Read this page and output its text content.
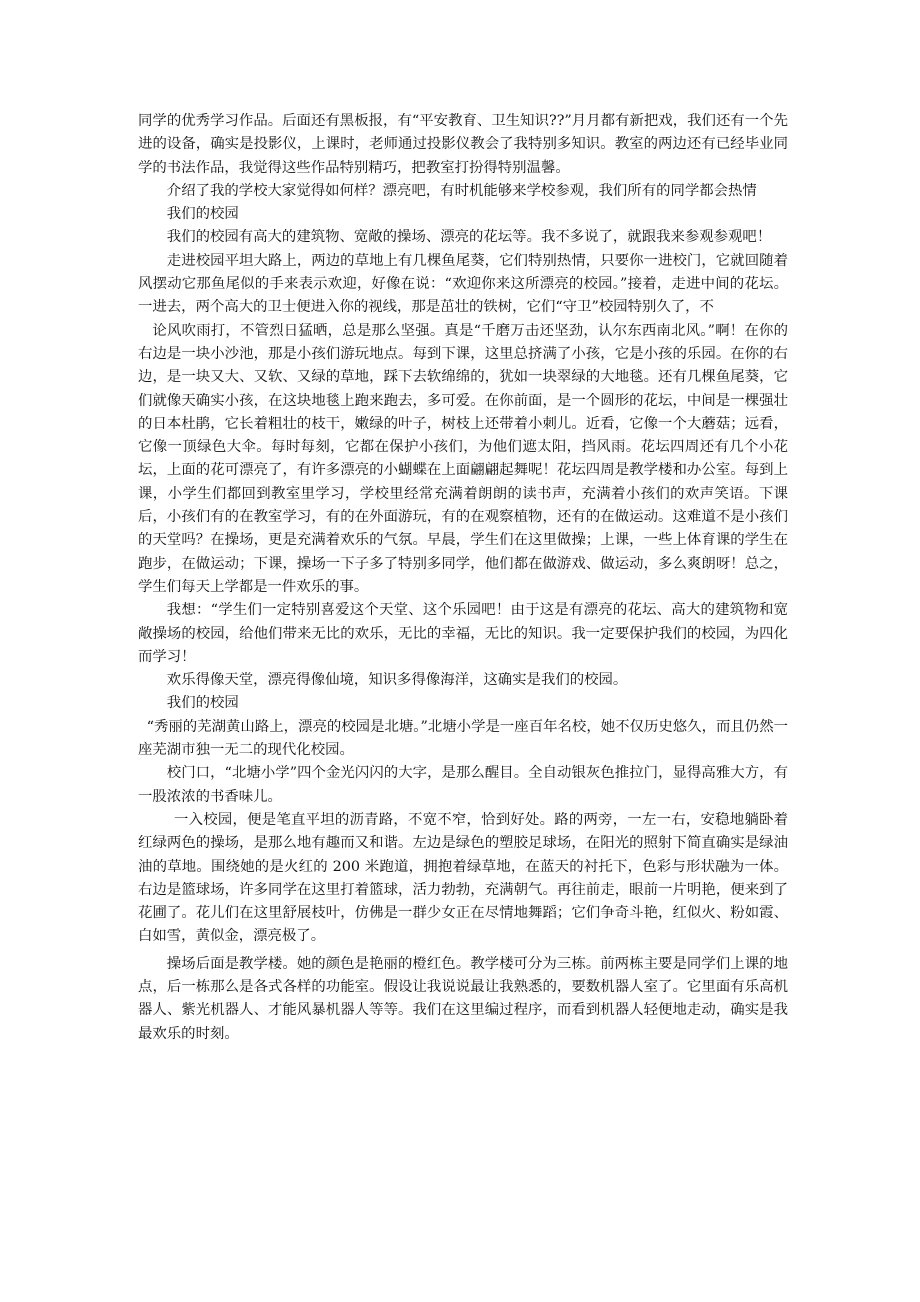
同学的优秀学习作品。后面还有黑板报，有“平安教育、卫生知识??”月月都有新把戏，我们还有一个先进的设备，确实是投影仪，上课时，老师通过投影仪教会了我特别多知识。教室的两边还有已经毕业同学的书法作品，我觉得这些作品特别精巧，把教室打扮得特别温馨。

介绍了我的学校大家觉得如何样？漂亮吧，有时机能够来学校参观，我们所有的同学都会热情

我们的校园

我们的校园有高大的建筑物、宽敞的操场、漂亮的花坛等。我不多说了，就跟我来参观参观吧！

走进校园平坦大路上，两边的草地上有几棵鱼尾葵，它们特别热情，只要你一进校门，它就回随着风摆动它那鱼尾似的手来表示欢迎，好像在说：“欢迎你来这所漂亮的校园。”接着，走进中间的花坛。一进去，两个高大的卫士便进入你的视线，那是茁壮的铁树，它们“守卫”校园特别久了，不

论风吹雨打，不管烈日猛晒，总是那么坚强。真是“千磨万击还坚劲，认尔东西南北风。”啊！在你的右边是一块小沙池，那是小孩们游玩地点。每到下课，这里总挤满了小孩，它是小孩的乐园。在你的右边，是一块又大、又软、又绿的草地，踩下去软绵绵的，犹如一块翠绿的大地毯。还有几棵鱼尾葵，它们就像天确实小孩，在这块地毯上跑来跑去，多可爱。在你前面，是一个圆形的花坛，中间是一棵强壮的日本杜鹃，它长着粗壮的枝干，嫩绿的叶子，树枝上还带着小刺儿。近看，它像一个大蘑菇；远看，它像一顶绿色大伞。每时每刻，它都在保护小孩们，为他们遮太阳，挡风雨。花坛四周还有几个小花坛，上面的花可漂亮了，有许多漂亮的小蝴蝶在上面翩翩起舞呢！花坛四周是教学楼和办公室。每到上课，小学生们都回到教室里学习，学校里经常充满着朗朗的读书声，充满着小孩们的欢声笑语。下课后，小孩们有的在教室学习，有的在外面游玩，有的在观察植物，还有的在做运动。这难道不是小孩们的天堂吗？在操场，更是充满着欢乐的气氛。早晨，学生们在这里做操；上课，一些上体育课的学生在跑步，在做运动；下课，操场一下子多了特别多同学，他们都在做游戏、做运动，多么爽朗呀！总之，学生们每天上学都是一件欢乐的事。

我想：“学生们一定特别喜爱这个天堂、这个乐园吧！由于这是有漂亮的花坛、高大的建筑物和宽敞操场的校园，给他们带来无比的欢乐，无比的幸福，无比的知识。我一定要保护我们的校园，为四化而学习！

欢乐得像天堂，漂亮得像仙境，知识多得像海洋，这确实是我们的校园。

我们的校园

“秀丽的芜湖黄山路上，漂亮的校园是北塘。”北塘小学是一座百年名校，她不仅历史悠久，而且仍然一座芜湖市独一无二的现代化校园。

校门口，“北塘小学”四个金光闪闪的大字，是那么醒目。全自动银灰色推拉门，显得高雅大方，有一股浓浓的书香味儿。

一入校园，便是笔直平坦的沥青路，不宽不窄，恰到好处。路的两旁，一左一右，安稳地躺卧着红绿两色的操场，是那么地有趣而又和谐。左边是绿色的塑胶足球场，在阳光的照射下简直确实是绿油油的草地。围绕她的是火红的 200 米跑道，拥抱着绿草地，在蓝天的衬托下，色彩与形状融为一体。右边是篮球场，许多同学在这里打着篮球，活力勃勃，充满朝气。再往前走，眼前一片明艳，便来到了花圃了。花儿们在这里舒展枝叶，仿佛是一群少女正在尽情地舞蹈；它们争奇斗艳，红似火、粉如霞、白如雪，黄似金，漂亮极了。

操场后面是教学楼。她的颜色是艳丽的橙红色。教学楼可分为三栋。前两栋主要是同学们上课的地点，后一栋那么是各式各样的功能室。假设让我说说最让我熟悉的，要数机器人室了。它里面有乐高机器人、紫光机器人、才能风暴机器人等等。我们在这里编过程序，而看到机器人轻便地走动，确实是我最欢乐的时刻。
